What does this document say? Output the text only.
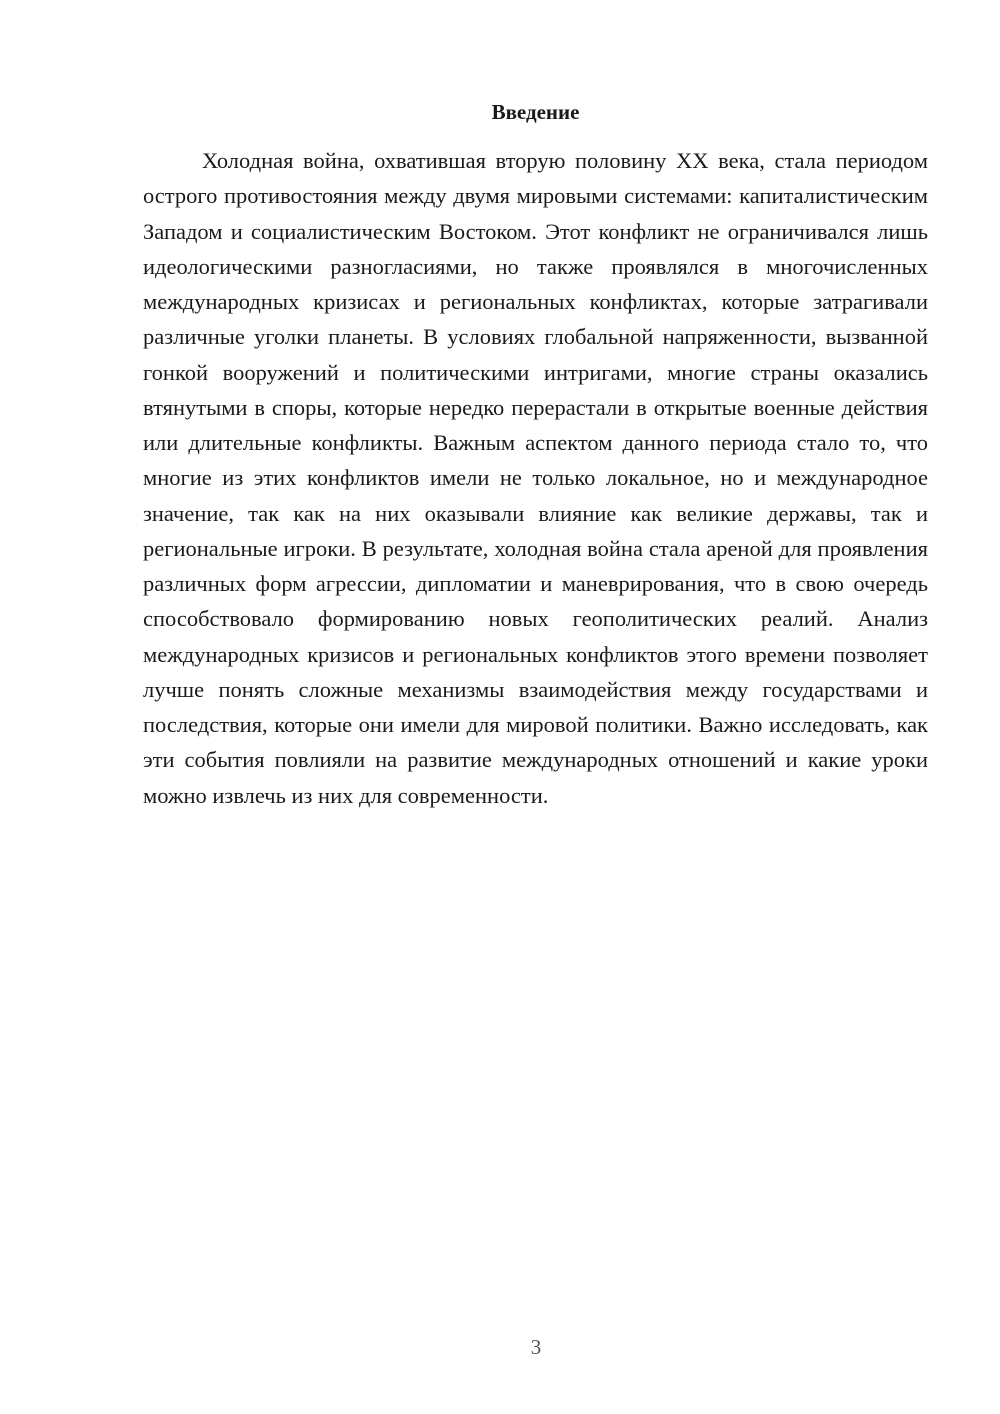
Введение

Холодная война, охватившая вторую половину XX века, стала периодом острого противостояния между двумя мировыми системами: капиталистическим Западом и социалистическим Востоком. Этот конфликт не ограничивался лишь идеологическими разногласиями, но также проявлялся в многочисленных международных кризисах и региональных конфликтах, которые затрагивали различные уголки планеты. В условиях глобальной напряженности, вызванной гонкой вооружений и политическими интригами, многие страны оказались втянутыми в споры, которые нередко перерастали в открытые военные действия или длительные конфликты. Важным аспектом данного периода стало то, что многие из этих конфликтов имели не только локальное, но и международное значение, так как на них оказывали влияние как великие державы, так и региональные игроки. В результате, холодная война стала ареной для проявления различных форм агрессии, дипломатии и маневрирования, что в свою очередь способствовало формированию новых геополитических реалий. Анализ международных кризисов и региональных конфликтов этого времени позволяет лучше понять сложные механизмы взаимодействия между государствами и последствия, которые они имели для мировой политики. Важно исследовать, как эти события повлияли на развитие международных отношений и какие уроки можно извлечь из них для современности.

3
